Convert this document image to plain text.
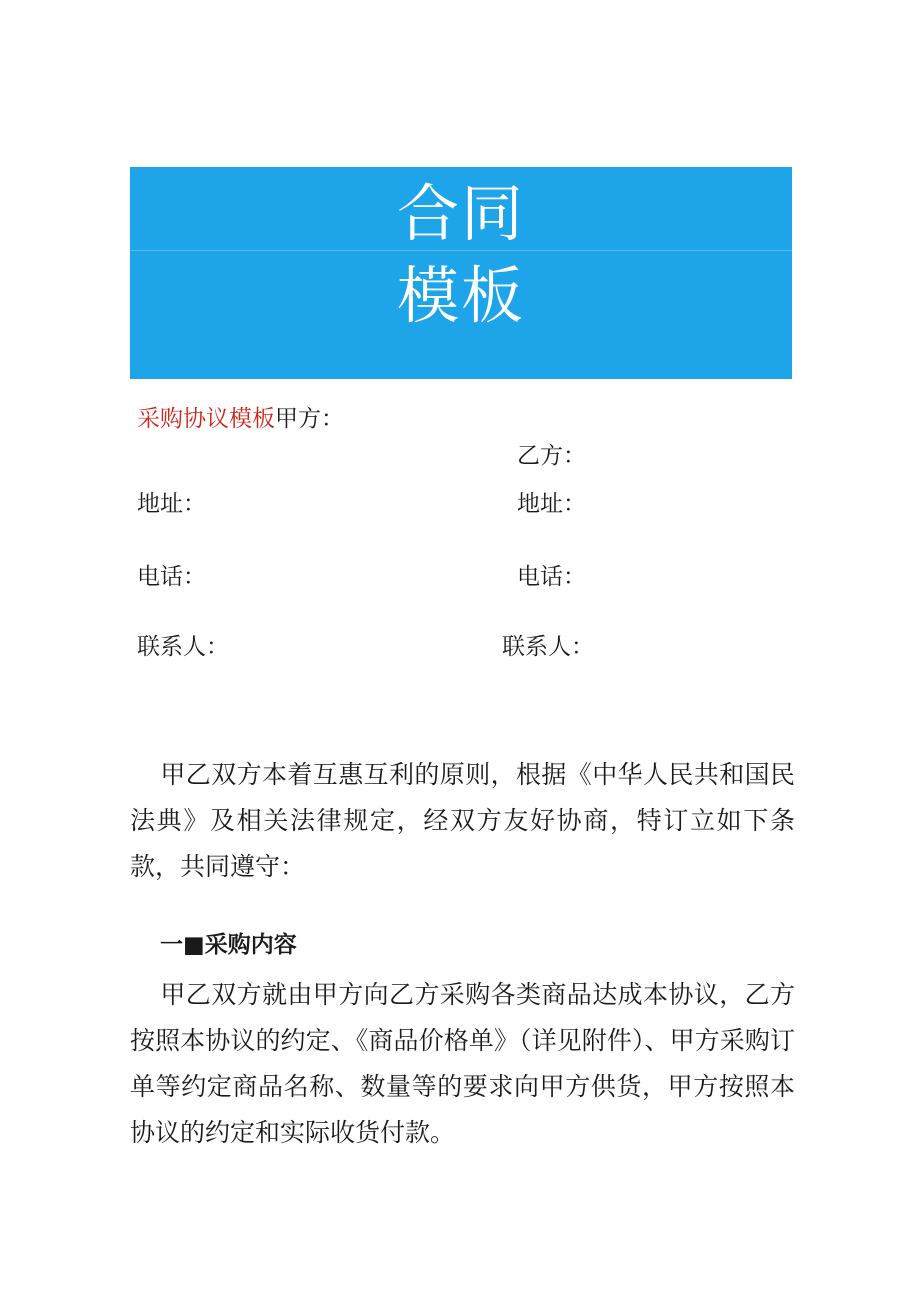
合同
模板
采购协议模板甲方：
乙方：
地址：	地址：
电话：	电话：
联系人：	联系人：
甲乙双方本着互惠互利的原则，根据《中华人民共和国民法典》及相关法律规定，经双方友好协商，特订立如下条款，共同遵守：
一■采购内容
甲乙双方就由甲方向乙方采购各类商品达成本协议，乙方按照本协议的约定、《商品价格单》（详见附件）、甲方采购订单等约定商品名称、数量等的要求向甲方供货，甲方按照本协议的约定和实际收货付款。
